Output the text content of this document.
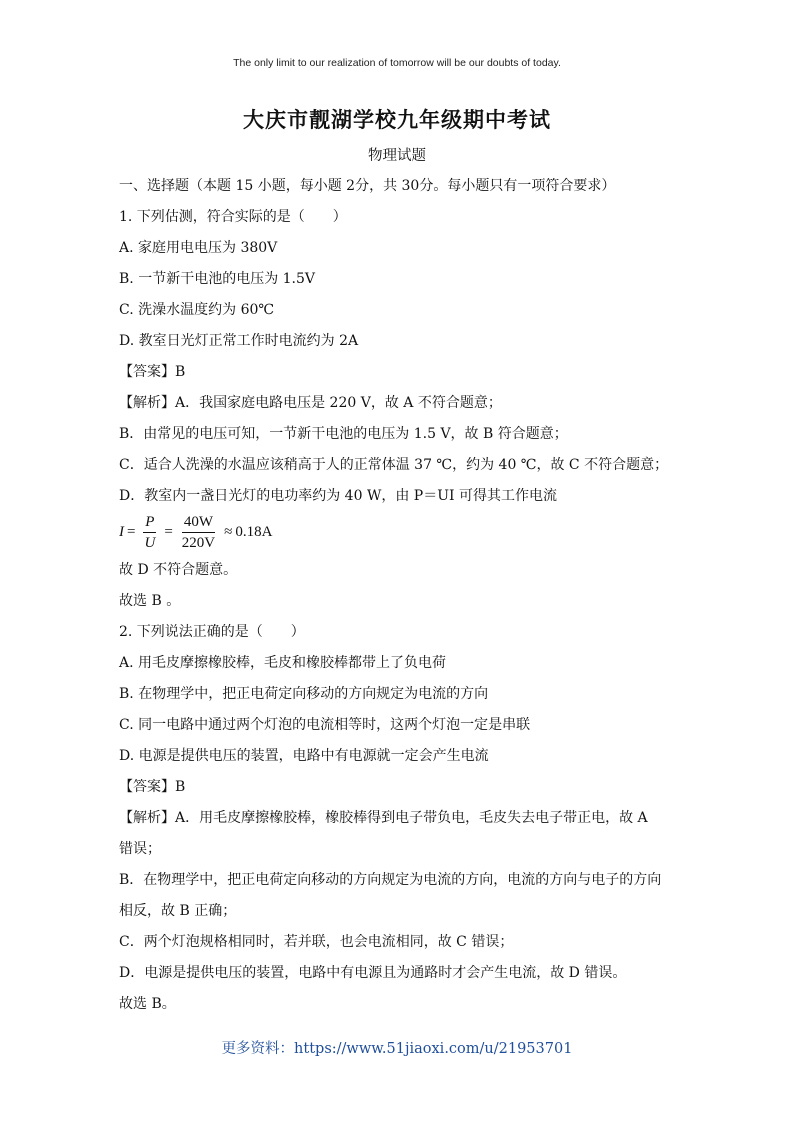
The only limit to our realization of tomorrow will be our doubts of today.
大庆市靓湖学校九年级期中考试
物理试题
一、选择题（本题 15 小题，每小题 2分，共 30分。每小题只有一项符合要求）
1. 下列估测，符合实际的是（　　）
A. 家庭用电电压为 380V
B. 一节新干电池的电压为 1.5V
C. 洗澡水温度约为 60℃
D. 教室日光灯正常工作时电流约为 2A
【答案】B
【解析】A．我国家庭电路电压是 220 V，故 A 不符合题意；
B．由常见的电压可知，一节新干电池的电压为 1.5 V，故 B 符合题意；
C．适合人洗澡的水温应该稍高于人的正常体温 37 ℃，约为 40 ℃，故 C 不符合题意；
D．教室内一盏日光灯的电功率约为 40 W，由 P＝UI 可得其工作电流
$I = \frac{P}{U} = \frac{40W}{220V} \approx 0.18A$
故 D 不符合题意。
故选 B 。
2. 下列说法正确的是（　　）
A. 用毛皮摩擦橡胶棒，毛皮和橡胶棒都带上了负电荷
B. 在物理学中，把正电荷定向移动的方向规定为电流的方向
C. 同一电路中通过两个灯泡的电流相等时，这两个灯泡一定是串联
D. 电源是提供电压的装置，电路中有电源就一定会产生电流
【答案】B
【解析】A．用毛皮摩擦橡胶棒，橡胶棒得到电子带负电，毛皮失去电子带正电，故 A
错误；
B．在物理学中，把正电荷定向移动的方向规定为电流的方向，电流的方向与电子的方向
相反，故 B 正确；
C．两个灯泡规格相同时，若并联，也会电流相同，故 C 错误；
D．电源是提供电压的装置，电路中有电源且为通路时才会产生电流，故 D 错误。
故选 B。
更多资料：https://www.51jiaoxi.com/u/21953701
